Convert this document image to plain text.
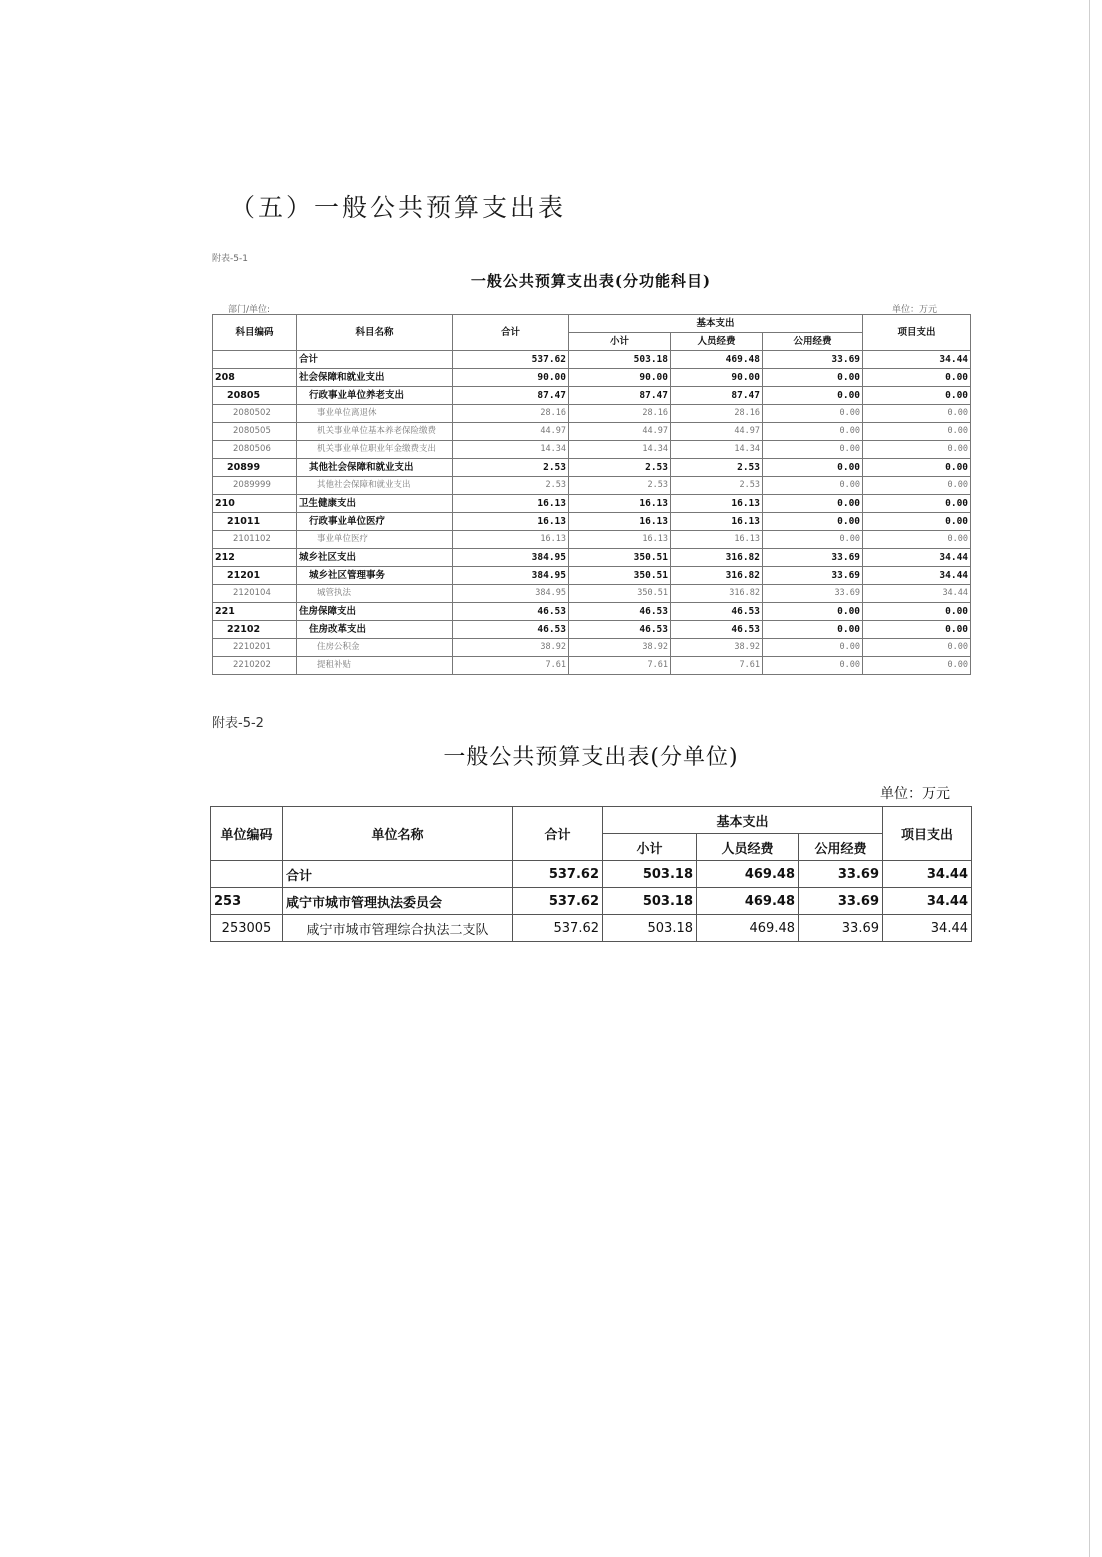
（五）一般公共预算支出表
附表-5-1
一般公共预算支出表(分功能科目)
部门/单位:	单位：万元
科目编码	科目名称	合计	基本支出			项目支出
			小计	人员经费	公用经费	
	合计	537.62	503.18	469.48	33.69	34.44
208	社会保障和就业支出	90.00	90.00	90.00	0.00	0.00
20805	行政事业单位养老支出	87.47	87.47	87.47	0.00	0.00
2080502	事业单位离退休	28.16	28.16	28.16	0.00	0.00
2080505	机关事业单位基本养老保险缴费	44.97	44.97	44.97	0.00	0.00
2080506	机关事业单位职业年金缴费支出	14.34	14.34	14.34	0.00	0.00
20899	其他社会保障和就业支出	2.53	2.53	2.53	0.00	0.00
2089999	其他社会保障和就业支出	2.53	2.53	2.53	0.00	0.00
210	卫生健康支出	16.13	16.13	16.13	0.00	0.00
21011	行政事业单位医疗	16.13	16.13	16.13	0.00	0.00
2101102	事业单位医疗	16.13	16.13	16.13	0.00	0.00
212	城乡社区支出	384.95	350.51	316.82	33.69	34.44
21201	城乡社区管理事务	384.95	350.51	316.82	33.69	34.44
2120104	城管执法	384.95	350.51	316.82	33.69	34.44
221	住房保障支出	46.53	46.53	46.53	0.00	0.00
22102	住房改革支出	46.53	46.53	46.53	0.00	0.00
2210201	住房公积金	38.92	38.92	38.92	0.00	0.00
2210202	提租补贴	7.61	7.61	7.61	0.00	0.00
附表-5-2
一般公共预算支出表(分单位)
单位：万元
单位编码	单位名称	合计	基本支出			项目支出
			小计	人员经费	公用经费	
	合计	537.62	503.18	469.48	33.69	34.44
253	咸宁市城市管理执法委员会	537.62	503.18	469.48	33.69	34.44
253005	咸宁市城市管理综合执法二支队	537.62	503.18	469.48	33.69	34.44
